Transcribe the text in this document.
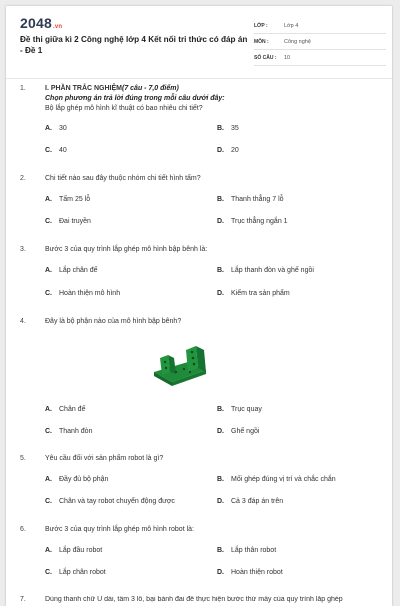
2048.vn
Đề thi giữa kì 2 Công nghệ lớp 4 Kết nối tri thức có đáp án - Đề 1
LỚP :	Lớp 4
MÔN :	Công nghệ
SỐ CÂU :	10
1.	I. PHẦN TRẮC NGHIỆM(7 câu - 7,0 điểm)
Chọn phương án trả lời đúng trong mỗi câu dưới đây:
Bộ lắp ghép mô hình kĩ thuật có bao nhiêu chi tiết?
A. 30	B. 35
C. 40	D. 20
2.	Chi tiết nào sau đây thuộc nhóm chi tiết hình tấm?
A. Tấm 25 lỗ	B. Thanh thẳng 7 lỗ
C. Đai truyền	D. Trục thẳng ngắn 1
3.	Bước 3 của quy trình lắp ghép mô hình bập bênh là:
A. Lắp chân đế	B. Lắp thanh đòn và ghế ngồi
C. Hoàn thiện mô hình	D. Kiểm tra sản phẩm
4.	Đây là bộ phận nào của mô hình bập bênh?
A. Chân đế	B. Trục quay
C. Thanh đòn	D. Ghế ngồi
5.	Yêu cầu đối với sản phẩm robot là gì?
A. Đầy đủ bộ phận	B. Mối ghép đúng vị trí và chắc chắn
C. Chân và tay robot chuyển động được	D. Cả 3 đáp án trên
6.	Bước 3 của quy trình lắp ghép mô hình robot là:
A. Lắp đầu robot	B. Lắp thân robot
C. Lắp chân robot	D. Hoàn thiện robot
7.	Dùng thanh chữ U dài, tấm 3 lỗ, bại bánh đai để thực hiện bước thứ mấy của quy trình lắp ghép
